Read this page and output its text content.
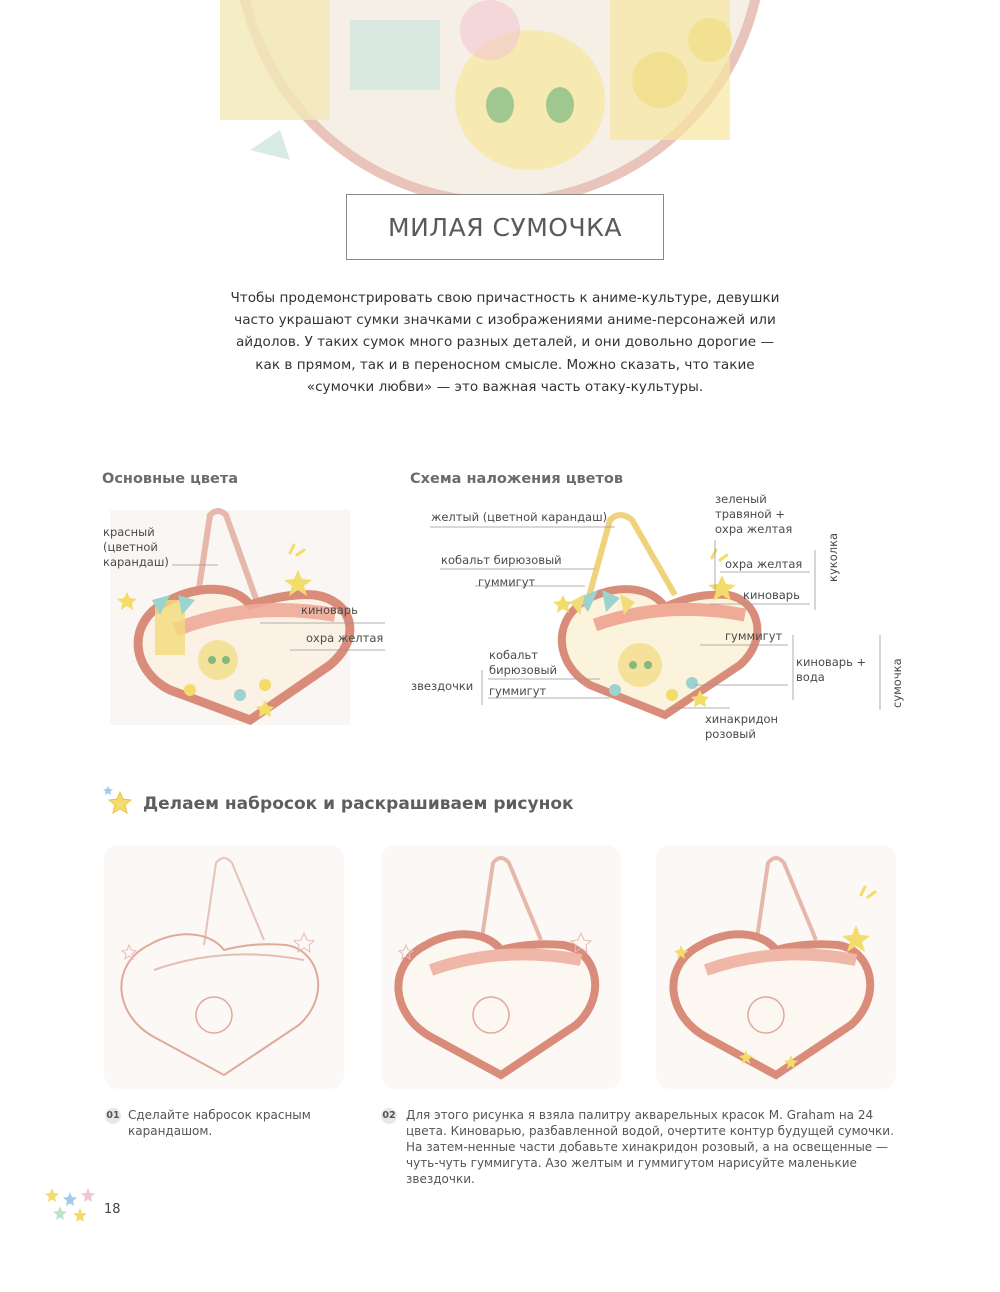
МИЛАЯ СУМОЧКА

Чтобы продемонстрировать свою причастность к аниме-культуре, девушки

часто украшают сумки значками с изображениями аниме-персонажей или

айдолов. У таких сумок много разных деталей, и они довольно дорогие —

как в прямом, так и в переносном смысле. Можно сказать, что такие

«сумочки любви» — это важная часть отаку-культуры.

Основные цвета
красный (цветной карандаш)
киноварь
охра желтая
Схема наложения цветов
желтый (цветной карандаш)
кобальт бирюзовый
гуммигут
зеленый травяной + охра желтая
охра желтая
киноварь
куколка
гуммигут
киноварь + вода	сумочка
звездочки
кобальт бирюзовый
гуммигут
хинакридон розовый
Делаем набросок и раскрашиваем рисунок
01 Сделайте набросок красным карандашом.
02 Для этого рисунка я взяла палитру акварельных красок M. Graham на 24 цвета. Киноварью, разбавленной водой, очертите контур будущей сумочки. На затем-ненные части добавьте хинакридон розовый, а на освещенные — чуть-чуть гуммигута. Азо желтым и гуммигутом нарисуйте маленькие звездочки.
18
